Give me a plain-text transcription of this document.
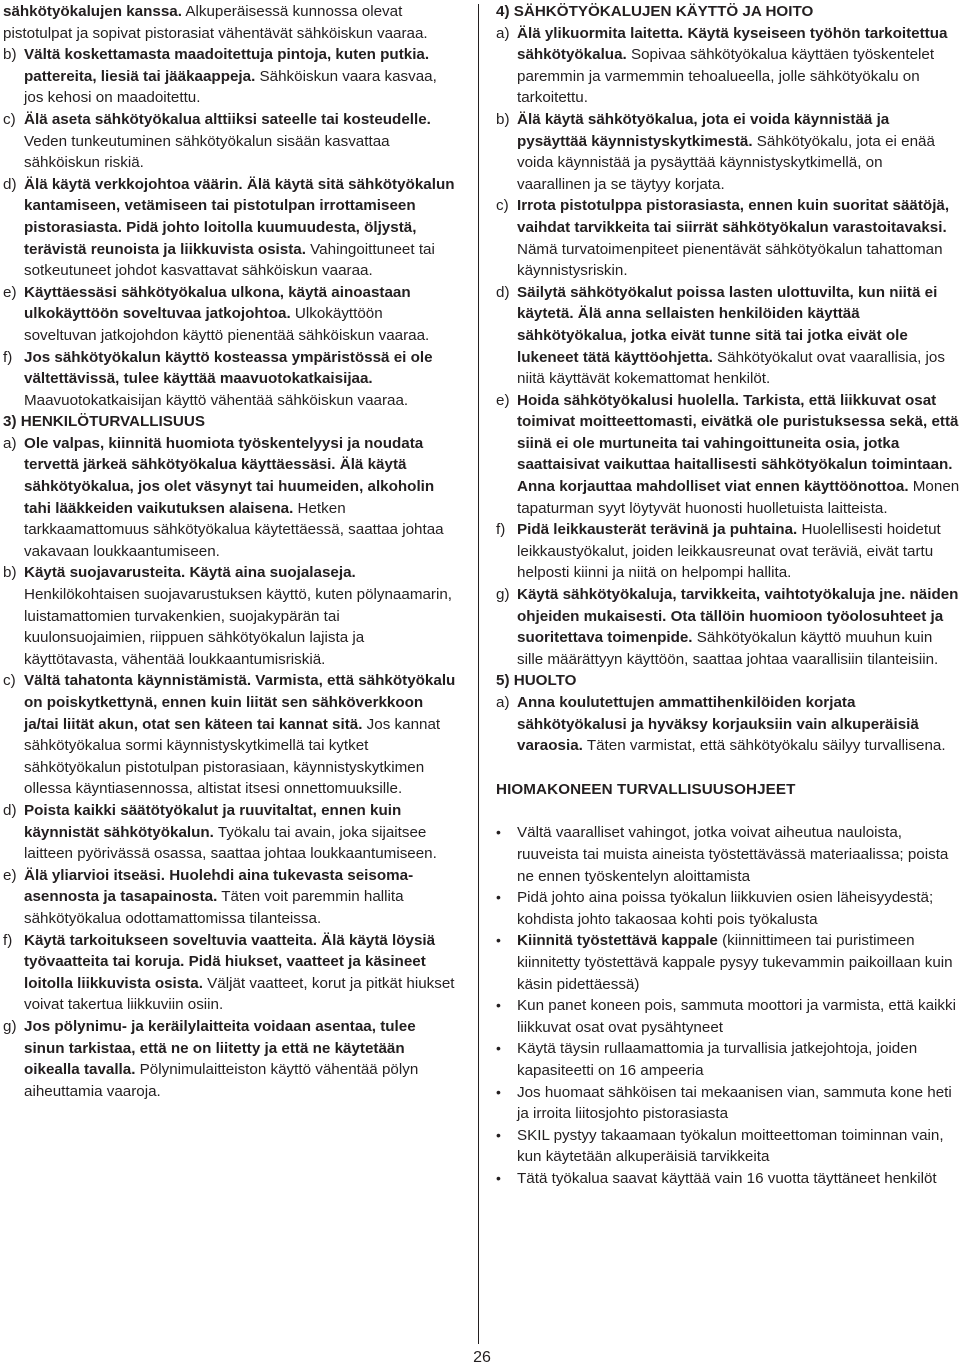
sähkötyökalujen kanssa. Alkuperäisessä kunnossa olevat pistotulpat ja sopivat pistorasiat vähentävät sähköiskun vaaraa.

b) Vältä koskettamasta maadoitettuja pintoja, kuten putkia. pattereita, liesiä tai jääkaappeja. Sähköiskun vaara kasvaa, jos kehosi on maadoitettu.
c) Älä aseta sähkötyökalua alttiiksi sateelle tai kosteudelle. Veden tunkeutuminen sähkötyökalun sisään kasvattaa sähköiskun riskiä.
d) Älä käytä verkkojohtoa väärin. Älä käytä sitä sähkötyökalun kantamiseen, vetämiseen tai pistotulpan irrottamiseen pistorasiasta. Pidä johto loitolla kuumuudesta, öljystä, terävistä reunoista ja liikkuvista osista. Vahingoittuneet tai sotkeutuneet johdot kasvattavat sähköiskun vaaraa.
e) Käyttäessäsi sähkötyökalua ulkona, käytä ainoastaan ulkokäyttöön soveltuvaa jatkojohtoa. Ulkokäyttöön soveltuvan jatkojohdon käyttö pienentää sähköiskun vaaraa.
f) Jos sähkötyökalun käyttö kosteassa ympäristössä ei ole vältettävissä, tulee käyttää maavuotokatkaisijaa. Maavuotokatkaisijan käyttö vähentää sähköiskun vaaraa.

3) HENKILÖTURVALLISUUS

a) Ole valpas, kiinnitä huomiota työskentelyysi ja noudata tervettä järkeä sähkötyökalua käyttäessäsi. Älä käytä sähkötyökalua, jos olet väsynyt tai huumeiden, alkoholin tahi lääkkeiden vaikutuksen alaisena. Hetken tarkkaamattomuus sähkötyökalua käytettäessä, saattaa johtaa vakavaan loukkaantumiseen.
b) Käytä suojavarusteita. Käytä aina suojalaseja. Henkilökohtaisen suojavarustuksen käyttö, kuten pölynaamarin, luistamattomien turvakenkien, suojakypärän tai kuulonsuojaimien, riippuen sähkötyökalun lajista ja käyttötavasta, vähentää loukkaantumisriskiä.
c) Vältä tahatonta käynnistämistä. Varmista, että sähkötyökalu on poiskytkettynä, ennen kuin liität sen sähköverkkoon ja/tai liität akun, otat sen käteen tai kannat sitä. Jos kannat sähkötyökalua sormi käynnistyskytkimellä tai kytket sähkötyökalun pistotulpan pistorasiaan, käynnistyskytkimen ollessa käyntiasennossa, altistat itsesi onnettomuuksille.
d) Poista kaikki säätötyökalut ja ruuvitaltat, ennen kuin käynnistät sähkötyökalun. Työkalu tai avain, joka sijaitsee laitteen pyörivässä osassa, saattaa johtaa loukkaantumiseen.
e) Älä yliarvioi itseäsi. Huolehdi aina tukevasta seisoma-asennosta ja tasapainosta. Täten voit paremmin hallita sähkötyökalua odottamattomissa tilanteissa.
f) Käytä tarkoitukseen soveltuvia vaatteita. Älä käytä löysiä työvaatteita tai koruja. Pidä hiukset, vaatteet ja käsineet loitolla liikkuvista osista. Väljät vaatteet, korut ja pitkät hiukset voivat takertua liikkuviin osiin.
g) Jos pölynimu- ja keräilylaitteita voidaan asentaa, tulee sinun tarkistaa, että ne on liitetty ja että ne käytetään oikealla tavalla. Pölynimulaitteiston käyttö vähentää pölyn aiheuttamia vaaroja.

4) SÄHKÖTYÖKALUJEN KÄYTTÖ JA HOITO

a) Älä ylikuormita laitetta. Käytä kyseiseen työhön tarkoitettua sähkötyökalua. Sopivaa sähkötyökalua käyttäen työskentelet paremmin ja varmemmin tehoalueella, jolle sähkötyökalu on tarkoitettu.
b) Älä käytä sähkötyökalua, jota ei voida käynnistää ja pysäyttää käynnistyskytkimestä. Sähkötyökalu, jota ei enää voida käynnistää ja pysäyttää käynnistyskytkimellä, on vaarallinen ja se täytyy korjata.
c) Irrota pistotulppa pistorasiasta, ennen kuin suoritat säätöjä, vaihdat tarvikkeita tai siirrät sähkötyökalun varastoitavaksi. Nämä turvatoimenpiteet pienentävät sähkötyökalun tahattoman käynnistysriskin.
d) Säilytä sähkötyökalut poissa lasten ulottuvilta, kun niitä ei käytetä. Älä anna sellaisten henkilöiden käyttää sähkötyökalua, jotka eivät tunne sitä tai jotka eivät ole lukeneet tätä käyttöohjetta. Sähkötyökalut ovat vaarallisia, jos niitä käyttävät kokemattomat henkilöt.
e) Hoida sähkötyökalusi huolella. Tarkista, että liikkuvat osat toimivat moitteettomasti, eivätkä ole puristuksessa sekä, että siinä ei ole murtuneita tai vahingoittuneita osia, jotka saattaisivat vaikuttaa haitallisesti sähkötyökalun toimintaan. Anna korjauttaa mahdolliset viat ennen käyttöönottoa. Monen tapaturman syyt löytyvät huonosti huolletuista laitteista.
f) Pidä leikkausterät terävinä ja puhtaina. Huolellisesti hoidetut leikkaustyökalut, joiden leikkausreunat ovat teräviä, eivät tartu helposti kiinni ja niitä on helpompi hallita.
g) Käytä sähkötyökaluja, tarvikkeita, vaihtotyökaluja jne. näiden ohjeiden mukaisesti. Ota tällöin huomioon työolosuhteet ja suoritettava toimenpide. Sähkötyökalun käyttö muuhun kuin sille määrättyyn käyttöön, saattaa johtaa vaarallisiin tilanteisiin.

5) HUOLTO

a) Anna koulutettujen ammattihenkilöiden korjata sähkötyökalusi ja hyväksy korjauksiin vain alkuperäisiä varaosia. Täten varmistat, että sähkötyökalu säilyy turvallisena.

HIOMAKONEEN TURVALLISUUSOHJEET

•	Vältä vaaralliset vahingot, jotka voivat aiheutua nauloista, ruuveista tai muista aineista työstettävässä materiaalissa; poista ne ennen työskentelyn aloittamista
•	Pidä johto aina poissa työkalun liikkuvien osien läheisyydestä; kohdista johto takaosaa kohti pois työkalusta
•	Kiinnitä työstettävä kappale (kiinnittimeen tai puristimeen kiinnitetty työstettävä kappale pysyy tukevammin paikoillaan kuin käsin pidettäessä)
•	Kun panet koneen pois, sammuta moottori ja varmista, että kaikki liikkuvat osat ovat pysähtyneet
•	Käytä täysin rullaamattomia ja turvallisia jatkejohtoja, joiden kapasiteetti on 16 ampeeria
•	Jos huomaat sähköisen tai mekaanisen vian, sammuta kone heti ja irroita liitosjohto pistorasiasta
•	SKIL pystyy takaamaan työkalun moitteettoman toiminnan vain, kun käytetään alkuperäisiä tarvikkeita
•	Tätä työkalua saavat käyttää vain 16 vuotta täyttäneet henkilöt
26
